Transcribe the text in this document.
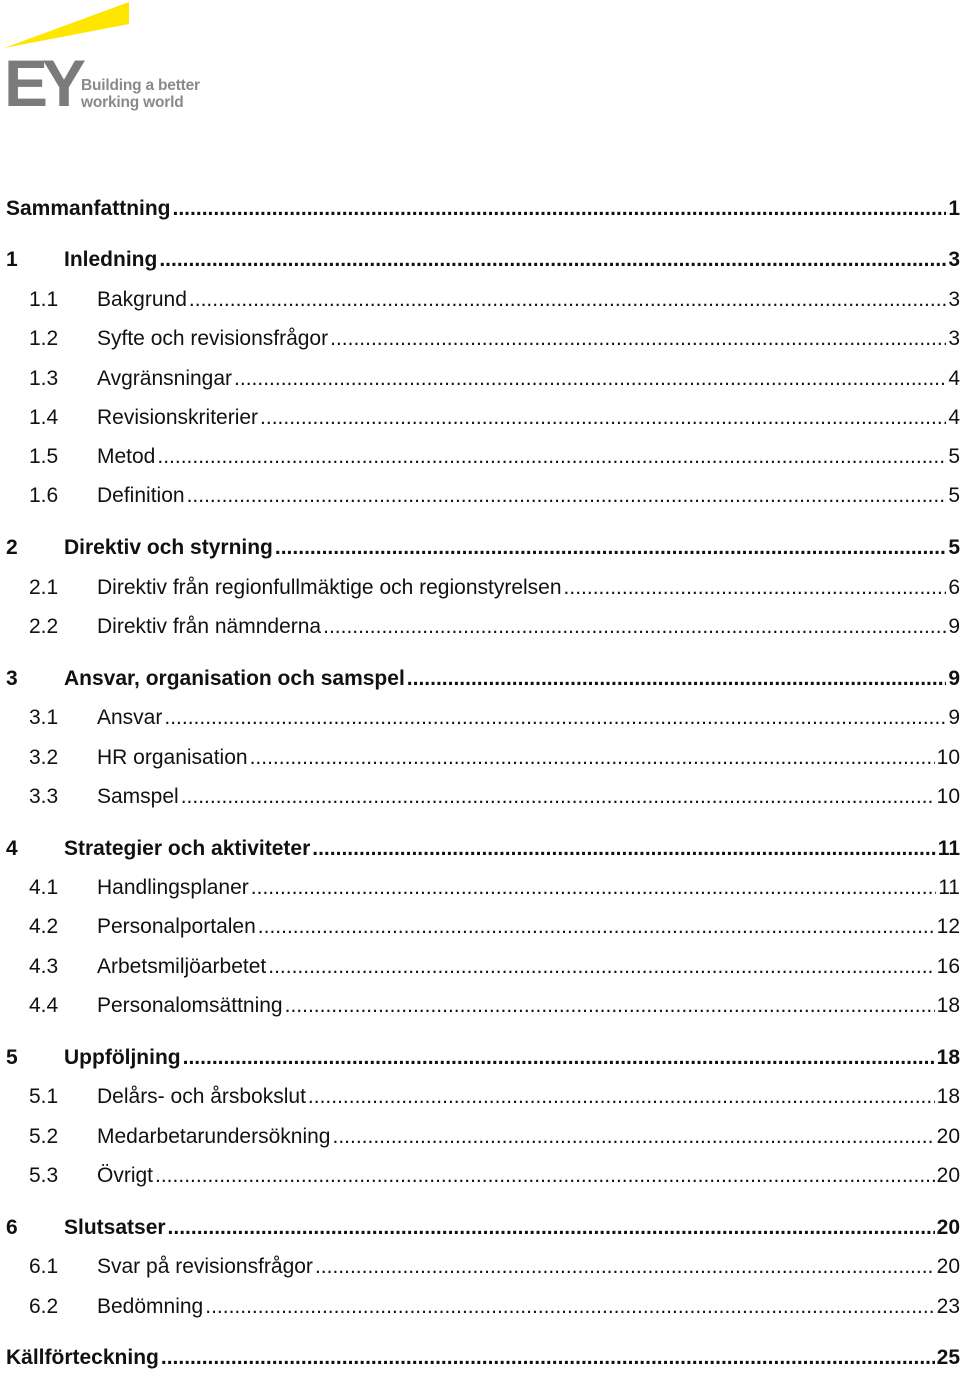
EY Building a better
working world
Sammanfattning .....	1
1	Inledning .....	3
1.1	Bakgrund .....	3
1.2	Syfte och revisionsfrågor .....	3
1.3	Avgränsningar .....	4
1.4	Revisionskriterier .....	4
1.5	Metod .....	5
1.6	Definition .....	5
2	Direktiv och styrning .....	5
2.1	Direktiv från regionfullmäktige och regionstyrelsen .....	6
2.2	Direktiv från nämnderna .....	9
3	Ansvar, organisation och samspel .....	9
3.1	Ansvar .....	9
3.2	HR organisation .....	10
3.3	Samspel .....	10
4	Strategier och aktiviteter .....	11
4.1	Handlingsplaner .....	11
4.2	Personalportalen .....	12
4.3	Arbetsmiljöarbetet .....	16
4.4	Personalomsättning .....	18
5	Uppföljning .....	18
5.1	Delårs- och årsbokslut .....	18
5.2	Medarbetarundersökning .....	20
5.3	Övrigt .....	20
6	Slutsatser .....	20
6.1	Svar på revisionsfrågor .....	20
6.2	Bedömning .....	23
Källförteckning .....	25
